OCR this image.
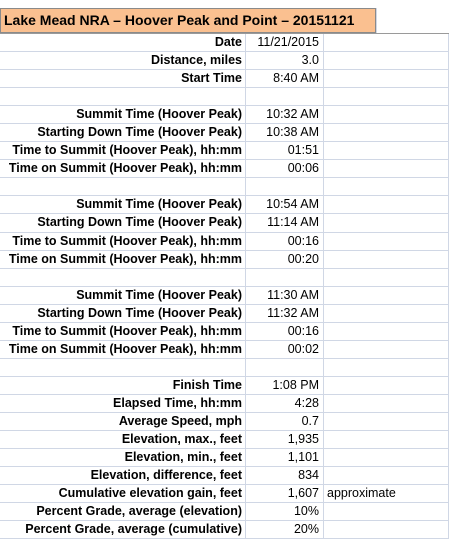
Lake Mead NRA – Hoover Peak and Point – 20151121
Date	11/21/2015
Distance, miles	3.0
Start Time	8:40 AM
Summit Time (Hoover Peak)	10:32 AM
Starting Down Time (Hoover Peak)	10:38 AM
Time to Summit (Hoover Peak), hh:mm	01:51
Time on Summit (Hoover Peak), hh:mm	00:06
Summit Time (Hoover Peak)	10:54 AM
Starting Down Time (Hoover Peak)	11:14 AM
Time to Summit (Hoover Peak), hh:mm	00:16
Time on Summit (Hoover Peak), hh:mm	00:20
Summit Time (Hoover Peak)	11:30 AM
Starting Down Time (Hoover Peak)	11:32 AM
Time to Summit (Hoover Peak), hh:mm	00:16
Time on Summit (Hoover Peak), hh:mm	00:02
Finish Time	1:08 PM
Elapsed Time, hh:mm	4:28
Average Speed, mph	0.7
Elevation, max., feet	1,935
Elevation, min., feet	1,101
Elevation, difference, feet	834
Cumulative elevation gain, feet	1,607 approximate
Percent Grade, average (elevation)	10%
Percent Grade, average (cumulative)	20%
